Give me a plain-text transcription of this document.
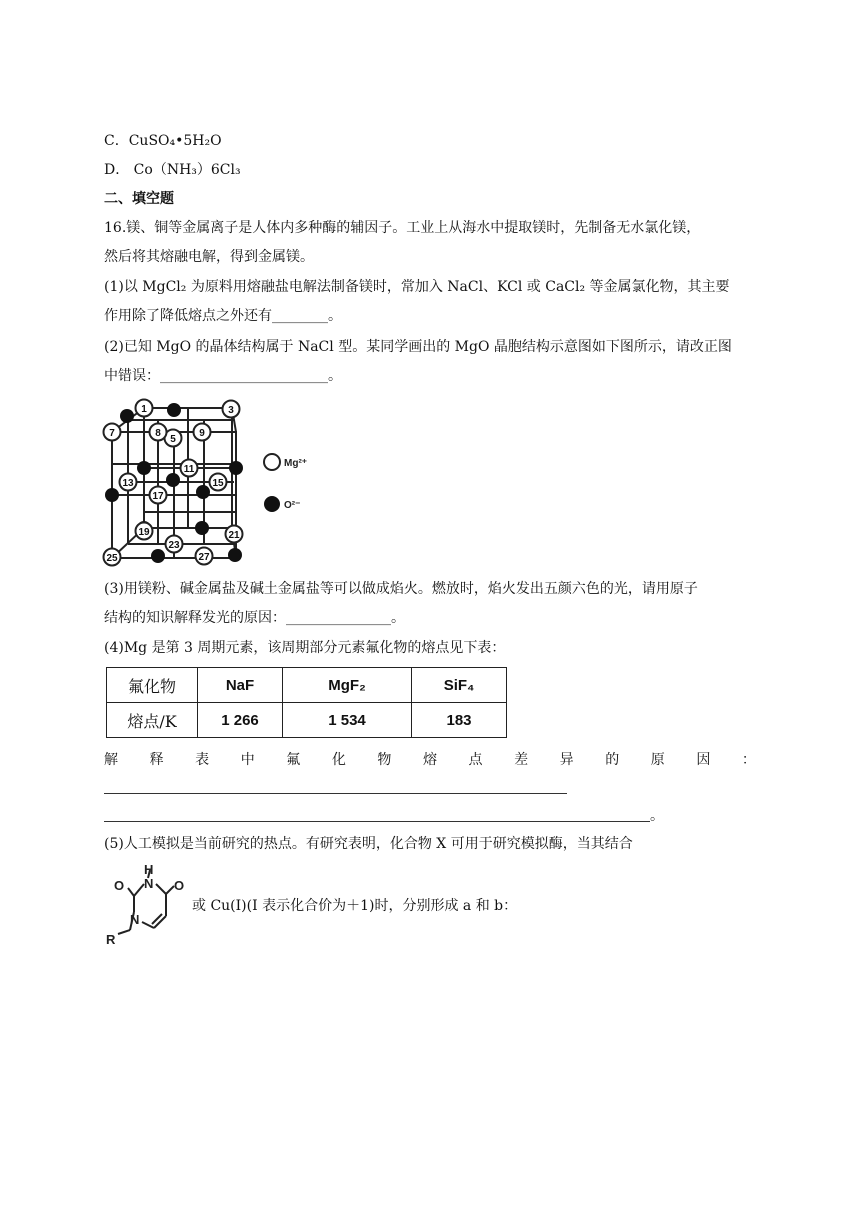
C．CuSO₄•5H₂O
D． Co（NH₃）6Cl₃
二、填空题
16.镁、铜等金属离子是人体内多种酶的辅因子。工业上从海水中提取镁时，先制备无水氯化镁，
然后将其熔融电解，得到金属镁。
(1)以 MgCl₂ 为原料用熔融盐电解法制备镁时，常加入 NaCl、KCl 或 CaCl₂ 等金属氯化物，其主要
作用除了降低熔点之外还有________。
(2)已知 MgO 的晶体结构属于 NaCl 型。某同学画出的 MgO 晶胞结构示意图如下图所示，请改正图
中错误：________________________。
1	3
5
7	8	9
11
13	15
17
19	21
23
25	27
Mg²⁺
O²⁻
(3)用镁粉、碱金属盐及碱土金属盐等可以做成焰火。燃放时，焰火发出五颜六色的光，请用原子
结构的知识解释发光的原因：_______________。
(4)Mg 是第 3 周期元素，该周期部分元素氟化物的熔点见下表：
氟化物	NaF	MgF₂	SiF₄
熔点/K	1 266	1 534	183
解 释 表 中 氟 化 物 熔 点 差 异 的 原 因 ：
。
(5)人工模拟是当前研究的热点。有研究表明，化合物 X 可用于研究模拟酶，当其结合
H
O N O
N
R
或 Cu(I)(I 表示化合价为＋1)时，分别形成 a 和 b：
